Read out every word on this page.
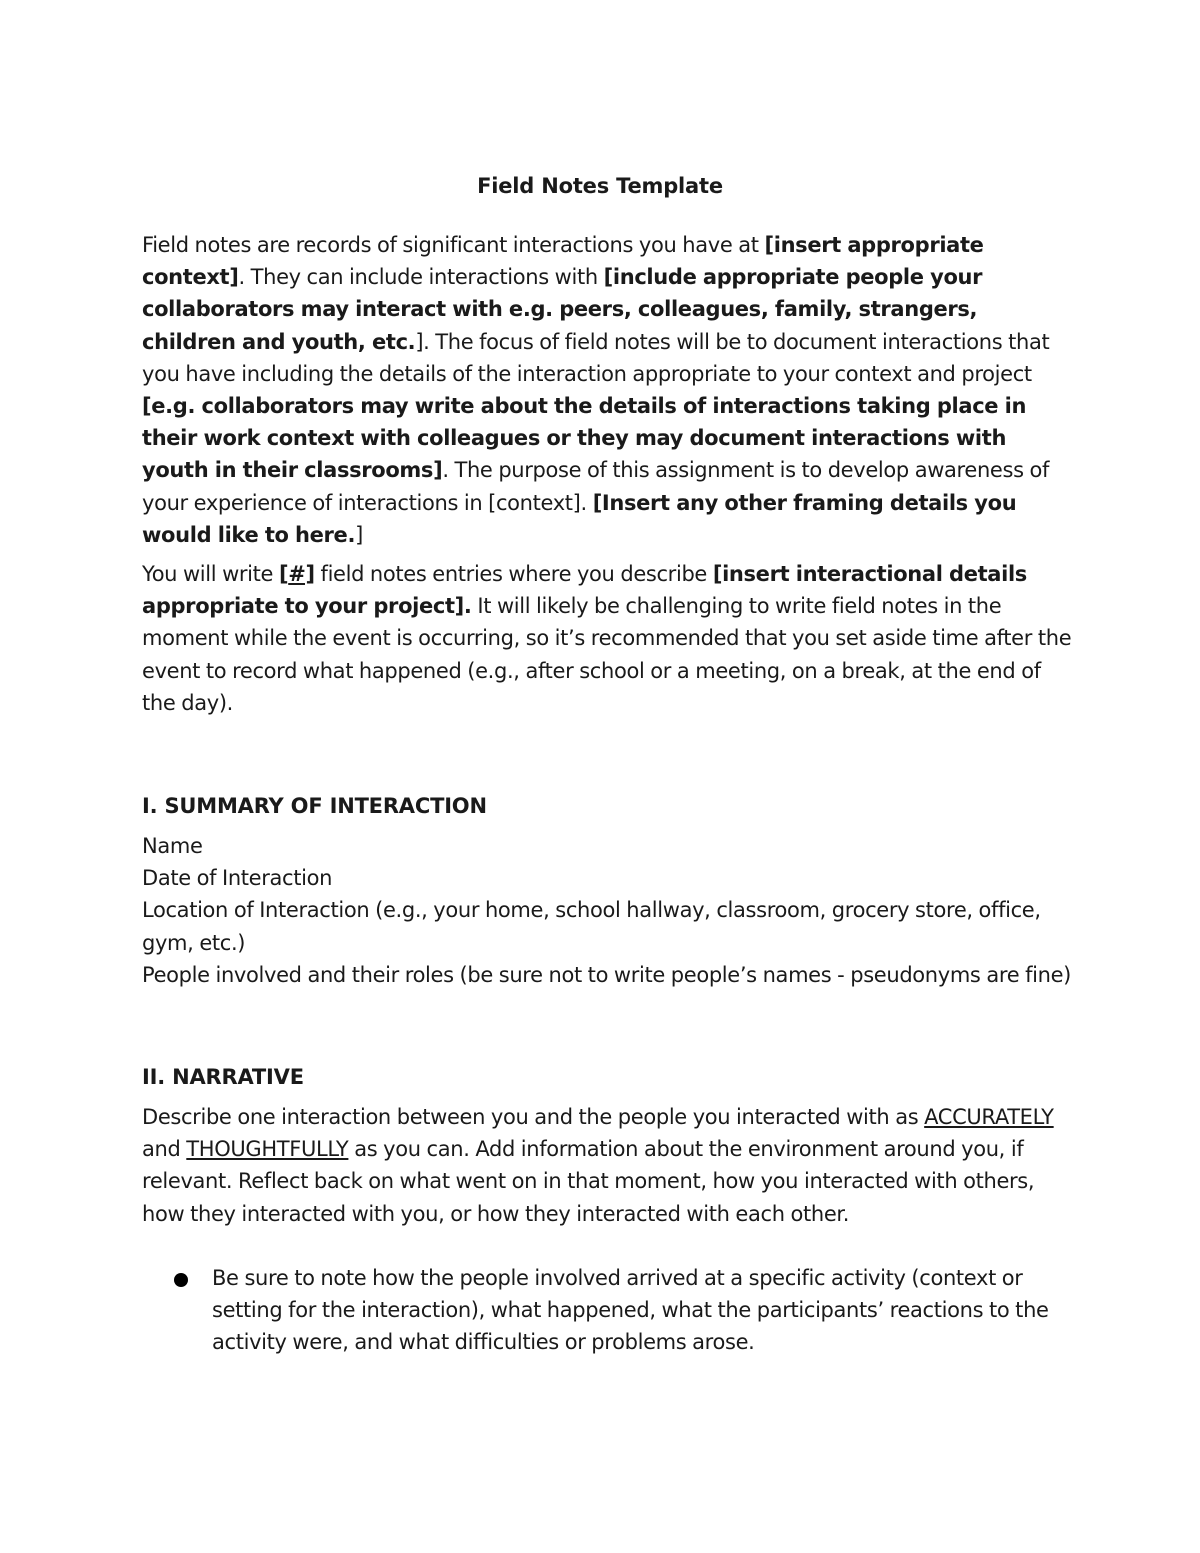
Field Notes Template

Field notes are records of significant interactions you have at [insert appropriate context]. They can include interactions with [include appropriate people your collaborators may interact with e.g. peers, colleagues, family, strangers, children and youth, etc.]. The focus of field notes will be to document interactions that you have including the details of the interaction appropriate to your context and project [e.g. collaborators may write about the details of interactions taking place in their work context with colleagues or they may document interactions with youth in their classrooms]. The purpose of this assignment is to develop awareness of your experience of interactions in [context]. [Insert any other framing details you would like to here.]

You will write [#] field notes entries where you describe [insert interactional details appropriate to your project]. It will likely be challenging to write field notes in the moment while the event is occurring, so it’s recommended that you set aside time after the event to record what happened (e.g., after school or a meeting, on a break, at the end of the day).

I. SUMMARY OF INTERACTION
Name
Date of Interaction
Location of Interaction (e.g., your home, school hallway, classroom, grocery store, office, gym, etc.)
People involved and their roles (be sure not to write people’s names - pseudonyms are fine)
II. NARRATIVE

Describe one interaction between you and the people you interacted with as ACCURATELY and THOUGHTFULLY as you can. Add information about the environment around you, if relevant. Reflect back on what went on in that moment, how you interacted with others, how they interacted with you, or how they interacted with each other.

Be sure to note how the people involved arrived at a specific activity (context or setting for the interaction), what happened, what the participants’ reactions to the activity were, and what difficulties or problems arose.
